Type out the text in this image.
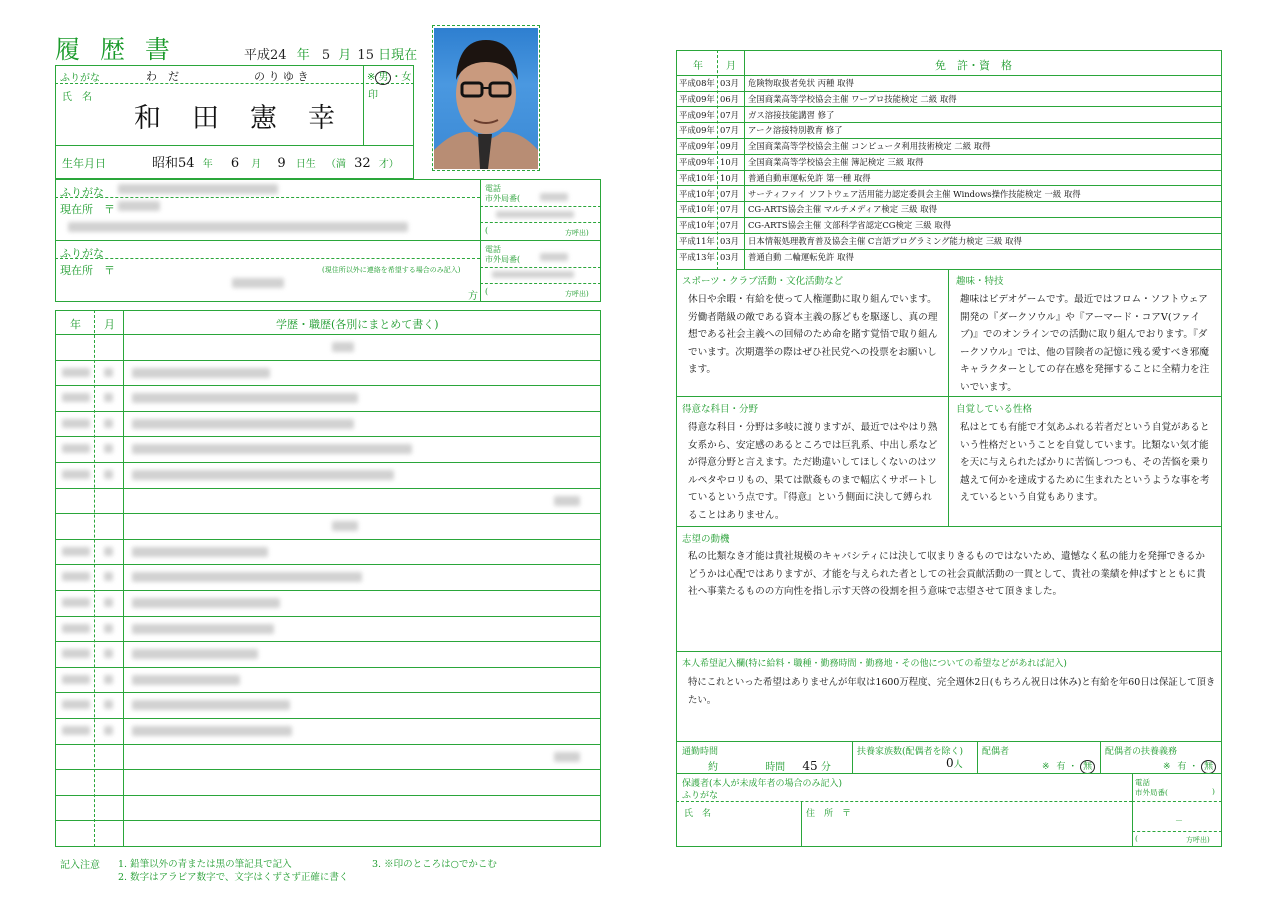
履 歴 書	平成24 年 5 月 15 日現在
ふりがな	わ　だ	の り ゆ き	※ 男 ・女
氏　名
和　田　憲　幸
印
生年月日	昭和54 年 6 月 9 日生 （満 32 才）
ふりがな
現在所　 〒
電話
市外局番(
(	方呼出)
ふりがな
現在所　 〒	(現住所以外に連絡を希望する場合のみ記入)
方
電話
市外局番(
(	方呼出)
年 月	学歴・職歴(各別にまとめて書く)
記入注意 1. 鉛筆以外の青または黒の筆記具で記入
2. 数字はアラビア数字で、文字はくずさず正確に書く
3. ※印のところは○でかこむ
年 月	免　許・資　格
平成08年 03月 危険物取扱者免状 丙種 取得
平成09年 06月 全国商業高等学校協会主催 ワープロ技能検定 二級 取得
平成09年 07月 ガス溶接技能講習 修了
平成09年 07月 アーク溶接特別教育 修了
平成09年 09月 全国商業高等学校協会主催 コンピュータ利用技術検定 二級 取得
平成09年 10月 全国商業高等学校協会主催 簿記検定 三級 取得
平成10年 10月 普通自動車運転免許 第一種 取得
平成10年 07月 サーティファイ ソフトウェア活用能力認定委員会主催 Windows操作技能検定 一級 取得
平成10年 07月 CG-ARTS協会主催 マルチメディア検定 三級 取得
平成10年 07月 CG-ARTS協会主催 文部科学省認定CG検定 三級 取得
平成11年 03月 日本情報処理教育普及協会主催 C言語プログラミング能力検定 三級 取得
平成13年 03月 普通自動 二輪運転免許 取得
スポーツ・クラブ活動・文化活動など
休日や余暇・有給を使って人権運動に取り組んでいます。労働者階級の敵である資本主義の豚どもを駆逐し、真の理想である社会主義への回帰のため命を賭す覚悟で取り組んでいます。次期選挙の際はぜひ社民党への投票をお願いします。
趣味・特技
趣味はビデオゲームです。最近ではフロム・ソフトウェア開発の『ダークソウル』や『アーマード・コアV(ファイブ)』でのオンラインでの活動に取り組んでおります。『ダークソウル』では、他の冒険者の記憶に残る愛すべき邪魔キャラクターとしての存在感を発揮することに全精力を注いでいます。
得意な科目・分野
得意な科目・分野は多岐に渡りますが、最近ではやはり熟女系から、安定感のあるところでは巨乳系、中出し系などが得意分野と言えます。ただ勘違いしてほしくないのはツルペタやロリもの、果ては獣姦ものまで幅広くサポートしているという点です。『得意』という側面に決して縛られることはありません。
自覚している性格
私はとても有能で才気あふれる若者だという自覚があるという性格だということを自覚しています。比類ない気才能を天に与えられたばかりに苦悩しつつも、その苦悩を乗り越えて何かを達成するために生まれたというような事を考えているという自覚もあります。
志望の動機
私の比類なき才能は貴社規模のキャパシティには決して収まりきるものではないため、遺憾なく私の能力を発揮できるかどうかは心配ではありますが、才能を与えられた者としての社会貢献活動の一貫として、貴社の業績を伸ばすとともに貴社へ事業たるものの方向性を指し示す天啓の役割を担う意味で志望させて頂きました。
本人希望記入欄(特に給料・職種・勤務時間・勤務地・その他についての希望などがあれば記入)
特にこれといった希望はありませんが年収は1600万程度、完全週休2日(もちろん祝日は休み)と有給を年60日は保証して頂きたい。
通勤時間
約	時間 45 分
扶養家族数(配偶者を除く)
0人
配偶者
※ 有 ・ 無
配偶者の扶養義務
※ 有 ・ 無
保護者(本人が未成年者の場合のみ記入)
ふりがな
氏　名	住　所　 〒
電話
市外局番(	)
－
(	方呼出)
